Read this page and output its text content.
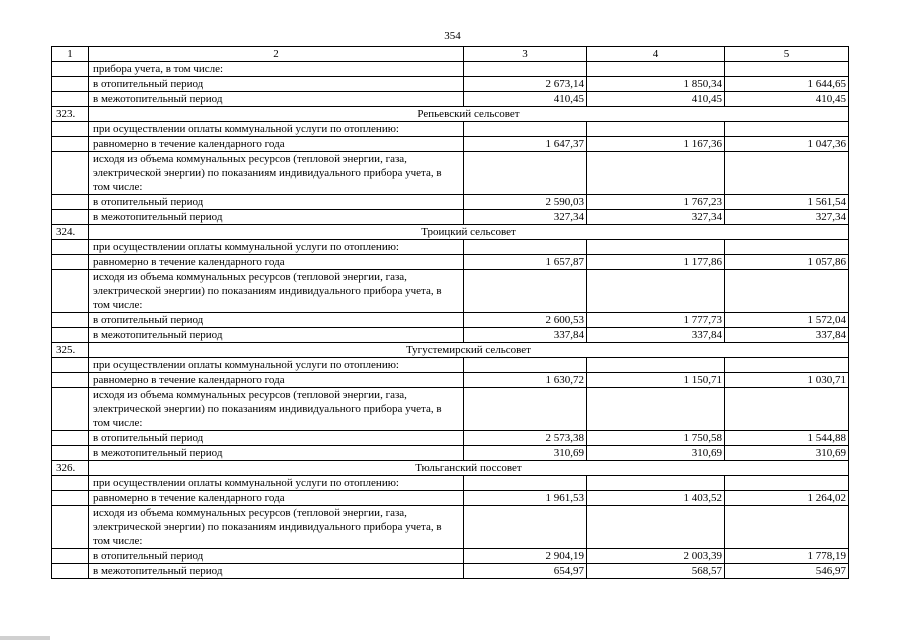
354
1	2	3	4	5
	прибора учета, в том числе:			
	в отопительный период	2 673,14	1 850,34	1 644,65
	в межотопительный период	410,45	410,45	410,45
323.	Репьевский сельсовет			
	при осуществлении оплаты коммунальной услуги по отоплению:			
	равномерно в течение календарного года	1 647,37	1 167,36	1 047,36
	исходя из объема коммунальных ресурсов (тепловой энергии, газа, электрической энергии) по показаниям индивидуального прибора учета, в том числе:			
	в отопительный период	2 590,03	1 767,23	1 561,54
	в межотопительный период	327,34	327,34	327,34
324.	Троицкий сельсовет			
	при осуществлении оплаты коммунальной услуги по отоплению:			
	равномерно в течение календарного года	1 657,87	1 177,86	1 057,86
	исходя из объема коммунальных ресурсов (тепловой энергии, газа, электрической энергии) по показаниям индивидуального прибора учета, в том числе:			
	в отопительный период	2 600,53	1 777,73	1 572,04
	в межотопительный период	337,84	337,84	337,84
325.	Тугустемирский сельсовет			
	при осуществлении оплаты коммунальной услуги по отоплению:			
	равномерно в течение календарного года	1 630,72	1 150,71	1 030,71
	исходя из объема коммунальных ресурсов (тепловой энергии, газа, электрической энергии) по показаниям индивидуального прибора учета, в том числе:			
	в отопительный период	2 573,38	1 750,58	1 544,88
	в межотопительный период	310,69	310,69	310,69
326.	Тюльганский поссовет			
	при осуществлении оплаты коммунальной услуги по отоплению:			
	равномерно в течение календарного года	1 961,53	1 403,52	1 264,02
	исходя из объема коммунальных ресурсов (тепловой энергии, газа, электрической энергии) по показаниям индивидуального прибора учета, в том числе:			
	в отопительный период	2 904,19	2 003,39	1 778,19
	в межотопительный период	654,97	568,57	546,97
